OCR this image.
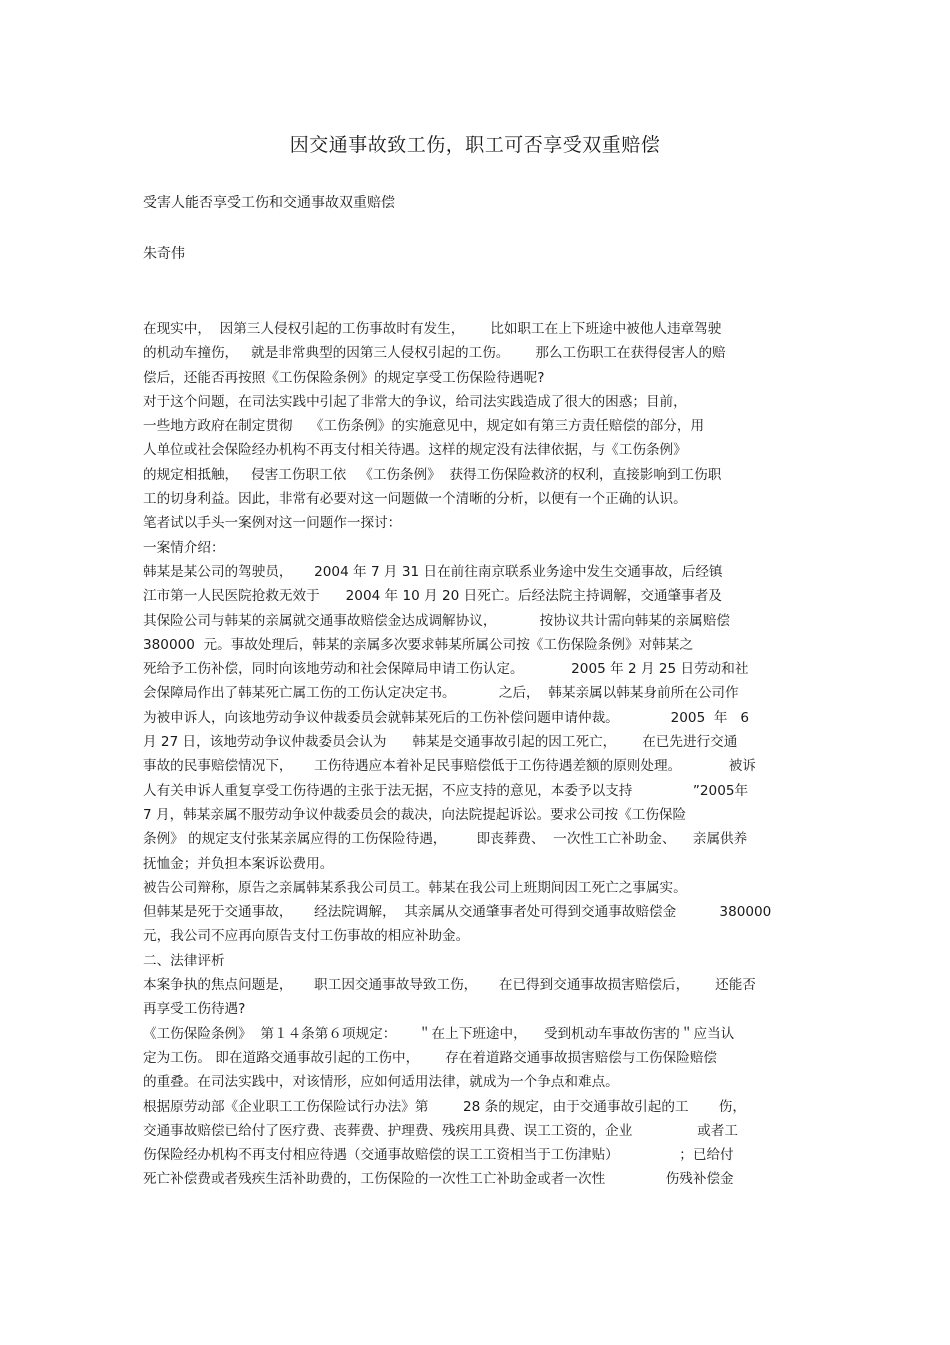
因交通事故致工伤，职工可否享受双重赔偿
受害人能否享受工伤和交通事故双重赔偿
朱奇伟
在现实中，  因第三人侵权引起的工伤事故时有发生，      比如职工在上下班途中被他人违章驾驶
的机动车撞伤，   就是非常典型的因第三人侵权引起的工伤。      那么工伤职工在获得侵害人的赔
偿后，还能否再按照《工伤保险条例》的规定享受工伤保险待遇呢?
对于这个问题，在司法实践中引起了非常大的争议，给司法实践造成了很大的困惑；目前，
一些地方政府在制定贯彻    《工伤条例》的实施意见中，规定如有第三方责任赔偿的部分，用
人单位或社会保险经办机构不再支付相关待遇。这样的规定没有法律依据，与《工伤条例》
的规定相抵触，   侵害工伤职工依   《工伤条例》  获得工伤保险救济的权利，直接影响到工伤职
工的切身利益。因此，非常有必要对这一问题做一个清晰的分析，以便有一个正确的认识。
笔者试以手头一案例对这一问题作一探讨：
一案情介绍：
韩某是某公司的驾驶员，     2004 年 7 月 31 日在前往南京联系业务途中发生交通事故，后经镇
江市第一人民医院抢救无效于      2004 年 10 月 20 日死亡。后经法院主持调解，交通肇事者及
其保险公司与韩某的亲属就交通事故赔偿金达成调解协议，          按协议共计需向韩某的亲属赔偿
380000  元。事故处理后，韩某的亲属多次要求韩某所属公司按《工伤保险条例》对韩某之
死给予工伤补偿，同时向该地劳动和社会保障局申请工伤认定。           2005 年 2 月 25 日劳动和社
会保障局作出了韩某死亡属工伤的工伤认定决定书。          之后，  韩某亲属以韩某身前所在公司作
为被申诉人，向该地劳动争议仲裁委员会就韩某死后的工伤补偿问题申请仲裁。            2005  年   6
月 27 日，该地劳动争议仲裁委员会认为      韩某是交通事故引起的因工死亡，      在已先进行交通
事故的民事赔偿情况下，     工伤待遇应本着补足民事赔偿低于工伤待遇差额的原则处理。           被诉
人有关申诉人重复享受工伤待遇的主张于法无据，不应支持的意见，本委予以支持              ”2005年
7 月，韩某亲属不服劳动争议仲裁委员会的裁决，向法院提起诉讼。要求公司按《工伤保险
条例》 的规定支付张某亲属应得的工伤保险待遇，       即丧葬费、  一次性工亡补助金、    亲属供养
抚恤金；并负担本案诉讼费用。
被告公司辩称，原告之亲属韩某系我公司员工。韩某在我公司上班期间因工死亡之事属实。
但韩某是死于交通事故，     经法院调解，  其亲属从交通肇事者处可得到交通事故赔偿金          380000
元，我公司不应再向原告支付工伤事故的相应补助金。
二、法律评析
本案争执的焦点问题是，     职工因交通事故导致工伤，     在已得到交通事故损害赔偿后，      还能否
再享受工伤待遇?
《工伤保险条例》  第１４条第６项规定：     ＂在上下班途中，    受到机动车事故伤害的＂应当认
定为工伤。 即在道路交通事故引起的工伤中，      存在着道路交通事故损害赔偿与工伤保险赔偿
的重叠。在司法实践中，对该情形，应如何适用法律，就成为一个争点和难点。
根据原劳动部《企业职工工伤保险试行办法》第        28 条的规定，由于交通事故引起的工       伤，
交通事故赔偿已给付了医疗费、丧葬费、护理费、残疾用具费、误工工资的，企业               或者工
伤保险经办机构不再支付相应待遇（交通事故赔偿的误工工资相当于工伤津贴）              ；已给付
死亡补偿费或者残疾生活补助费的，工伤保险的一次性工亡补助金或者一次性              伤残补偿金
